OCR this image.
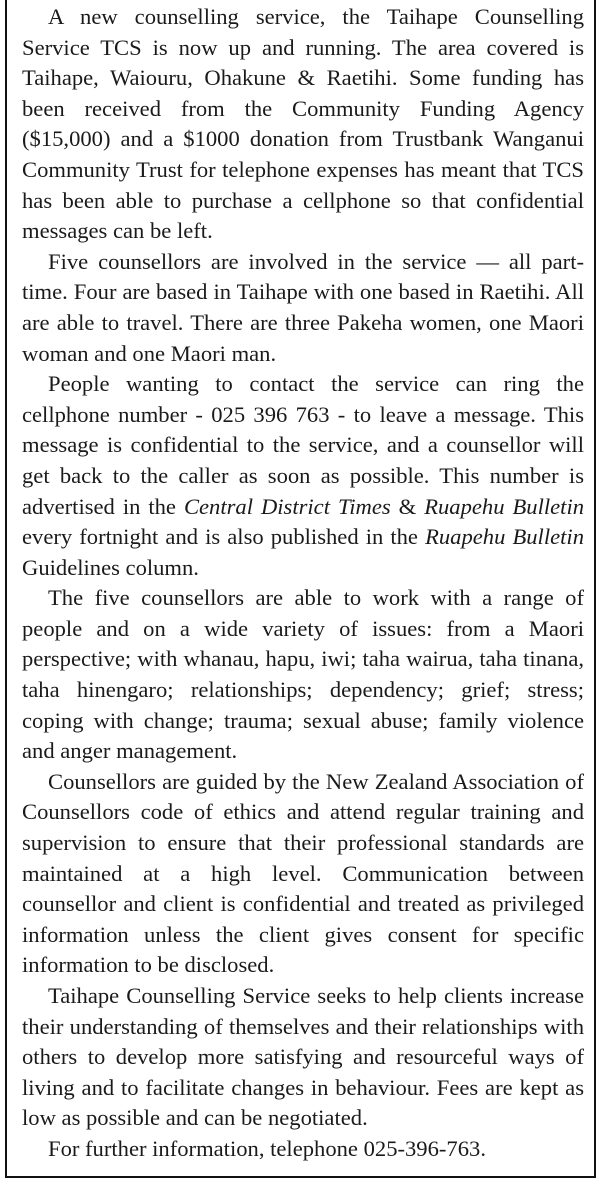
A new counselling service, the Taihape Counselling Service TCS is now up and running. The area covered is Taihape, Waiouru, Ohakune & Raetihi. Some funding has been received from the Community Funding Agency ($15,000) and a $1000 donation from Trustbank Wanganui Community Trust for telephone expenses has meant that TCS has been able to purchase a cellphone so that confidential messages can be left.

Five counsellors are involved in the service — all part-time. Four are based in Taihape with one based in Raetihi. All are able to travel. There are three Pakeha women, one Maori woman and one Maori man.

People wanting to contact the service can ring the cellphone number - 025 396 763 - to leave a message. This message is confidential to the service, and a counsellor will get back to the caller as soon as possible. This number is advertised in the Central District Times & Ruapehu Bulletin every fortnight and is also published in the Ruapehu Bulletin Guidelines column.

The five counsellors are able to work with a range of people and on a wide variety of issues: from a Maori perspective; with whanau, hapu, iwi; taha wairua, taha tinana, taha hinengaro; relationships; dependency; grief; stress; coping with change; trauma; sexual abuse; family violence and anger management.

Counsellors are guided by the New Zealand Association of Counsellors code of ethics and attend regular training and supervision to ensure that their professional standards are maintained at a high level. Communication between counsellor and client is confidential and treated as privileged information unless the client gives consent for specific information to be disclosed.

Taihape Counselling Service seeks to help clients increase their understanding of themselves and their relationships with others to develop more satisfying and resourceful ways of living and to facilitate changes in behaviour. Fees are kept as low as possible and can be negotiated.

For further information, telephone 025-396-763.
